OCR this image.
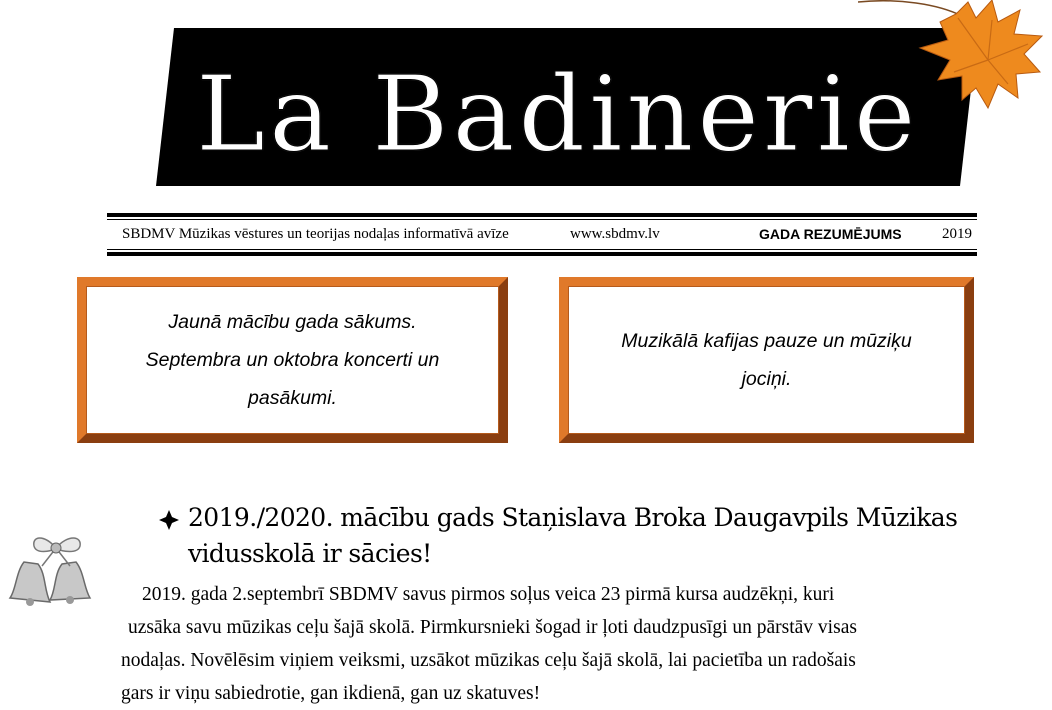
La Badinerie
SBDMV Mūzikas vēstures un teorijas nodaļas informatīvā avīze	www.sbdmv.lv	GADA REZUMĒJUMS	2019

Jaunā mācību gada sākums.
Septembra un oktobra koncerti un
pasākumi.

Muzikālā kafijas pauze un mūziķu
jociņi.

2019./2020. mācību gads Staņislava Broka Daugavpils Mūzikas
vidusskolā ir sācies!
2019. gada 2.septembrī SBDMV savus pirmos soļus veica 23 pirmā kursa audzēkņi, kuri
uzsāka savu mūzikas ceļu šajā skolā. Pirmkursnieki šogad ir ļoti daudzpusīgi un pārstāv visas
nodaļas. Novēlēsim viņiem veiksmi, uzsākot mūzikas ceļu šajā skolā, lai pacietība un radošais
gars ir viņu sabiedrotie, gan ikdienā, gan uz skatuves!
